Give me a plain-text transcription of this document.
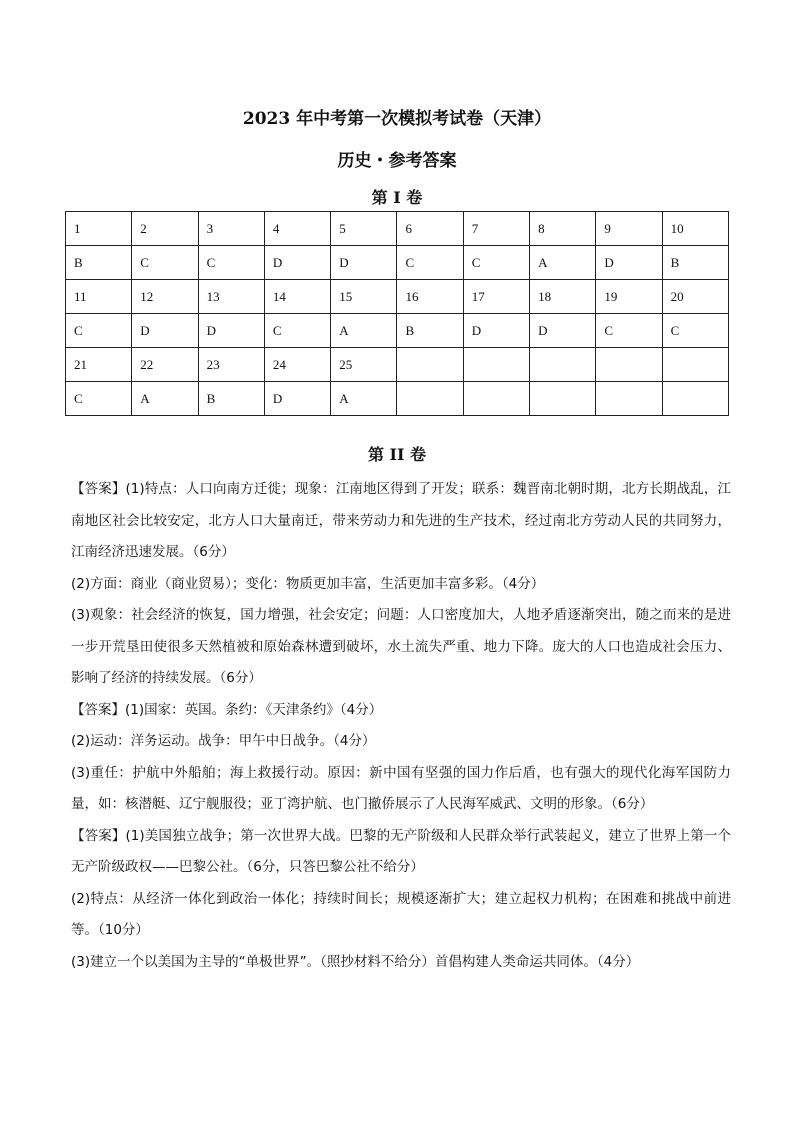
2023 年中考第一次模拟考试卷（天津）
历史・参考答案
第 I 卷
1	2	3	4	5	6	7	8	9	10
B	C	C	D	D	C	C	A	D	B
11	12	13	14	15	16	17	18	19	20
C	D	D	C	A	B	D	D	C	C
21	22	23	24	25					
C	A	B	D	A					
第 II 卷

【答案】(1)特点：人口向南方迁徙；现象：江南地区得到了开发；联系：魏晋南北朝时期，北方长期战乱，江南地区社会比较安定，北方人口大量南迁，带来劳动力和先进的生产技术，经过南北方劳动人民的共同努力，江南经济迅速发展。（6分）

(2)方面：商业（商业贸易）；变化：物质更加丰富，生活更加丰富多彩。（4分）

(3)观象：社会经济的恢复，国力增强，社会安定；问题：人口密度加大，人地矛盾逐渐突出，随之而来的是进一步开荒垦田使很多天然植被和原始森林遭到破坏，水土流失严重、地力下降。庞大的人口也造成社会压力、影响了经济的持续发展。（6分）

【答案】(1)国家：英国。条约：《天津条约》（4分）

(2)运动：洋务运动。战争：甲午中日战争。（4分）

(3)重任：护航中外船舶；海上救援行动。原因：新中国有坚强的国力作后盾，也有强大的现代化海军国防力量，如：核潜艇、辽宁舰服役；亚丁湾护航、也门撤侨展示了人民海军威武、文明的形象。（6分）

【答案】(1)美国独立战争；第一次世界大战。巴黎的无产阶级和人民群众举行武装起义，建立了世界上第一个无产阶级政权——巴黎公社。（6分，只答巴黎公社不给分）

(2)特点：从经济一体化到政治一体化；持续时间长；规模逐渐扩大；建立起权力机构；在困难和挑战中前进等。（10分）

(3)建立一个以美国为主导的“单极世界”。（照抄材料不给分）首倡构建人类命运共同体。（4分）
